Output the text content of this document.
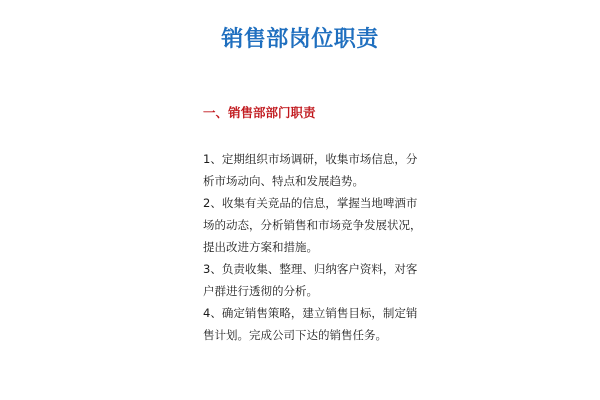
销售部岗位职责
一、销售部部门职责
1、定期组织市场调研，收集市场信息，分
析市场动向、特点和发展趋势。
2、收集有关竞品的信息，掌握当地啤酒市
场的动态，分析销售和市场竞争发展状况，
提出改进方案和措施。
3、负责收集、整理、归纳客户资料，对客
户群进行透彻的分析。
4、确定销售策略，建立销售目标，制定销
售计划。完成公司下达的销售任务。
